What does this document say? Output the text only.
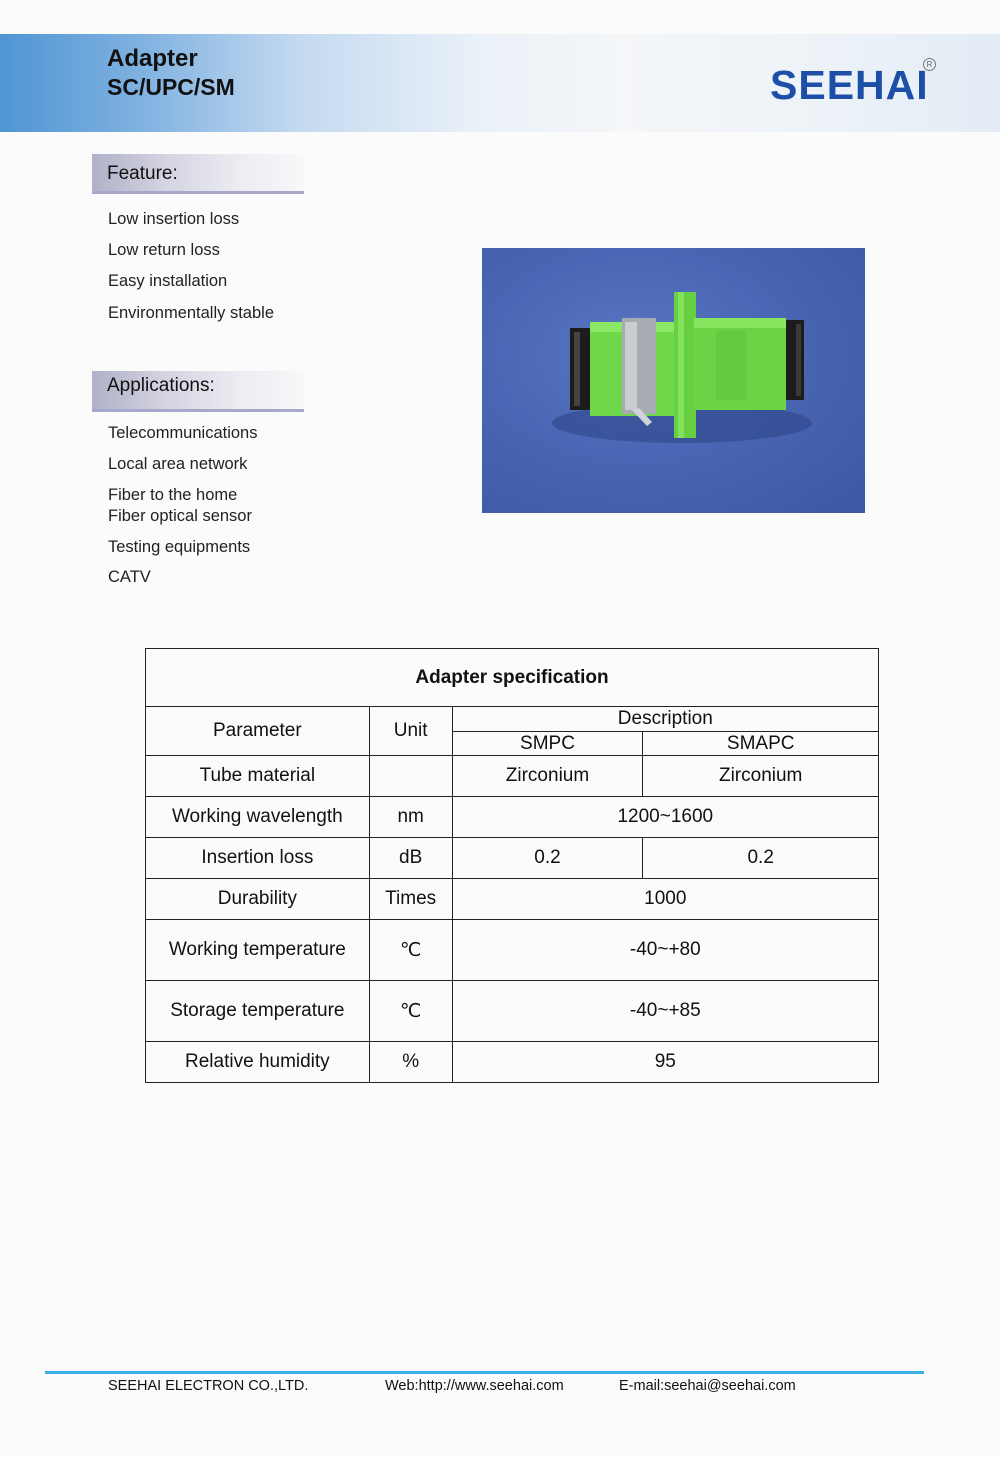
Adapter
SC/UPC/SM	SEEHAI
R
Feature:
Low insertion loss
Low return loss
Easy installation
Environmentally stable
Applications:
Telecommunications
Local area network
Fiber to the home
Fiber optical sensor
Testing equipments
CATV
Adapter specification			
Parameter	Unit	Description	
		SMPC	SMAPC
Tube material		Zirconium	Zirconium
Working wavelength	nm	1200~1600	
Insertion loss	dB	0.2	0.2
Durability	Times	1000	
Working temperature	℃	-40~+80	
Storage temperature	℃	-40~+85	
Relative humidity	%	95	
SEEHAI ELECTRON CO.,LTD.	Web:http://www.seehai.com	E-mail:seehai@seehai.com
